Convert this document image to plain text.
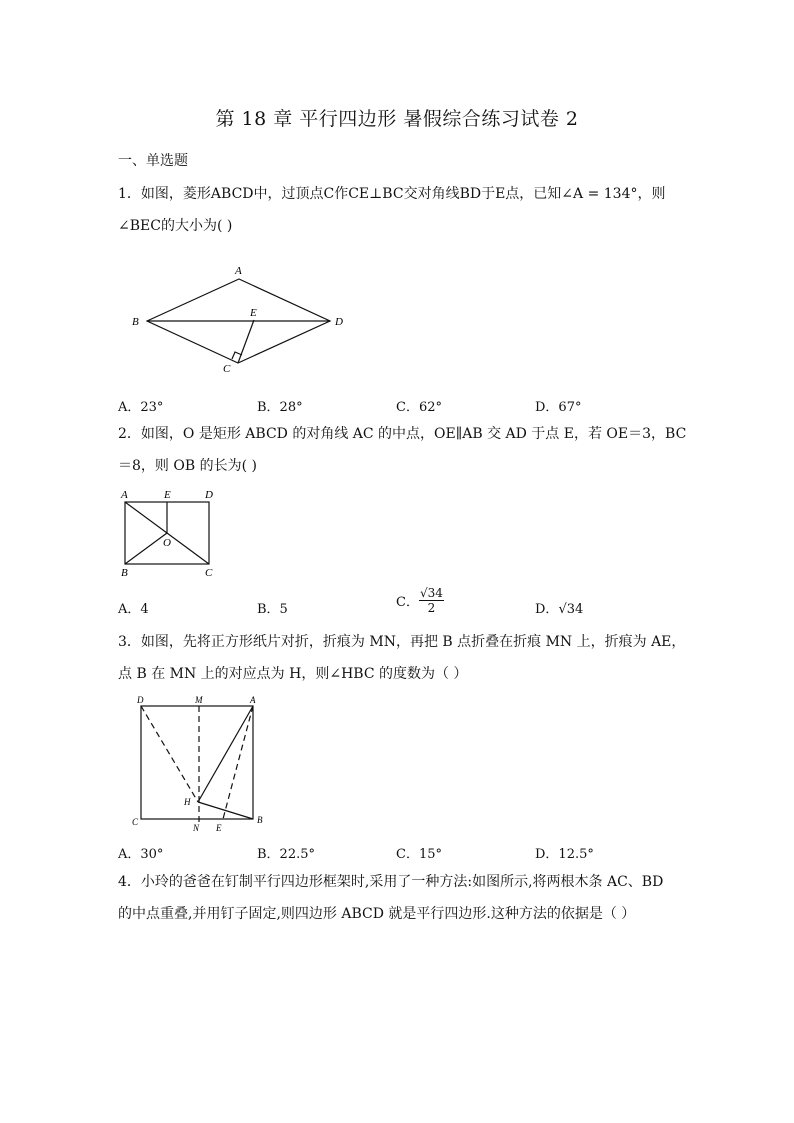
第 18 章 平行四边形 暑假综合练习试卷 2
一、单选题
1．如图，菱形ABCD中，过顶点C作CE⊥BC交对角线BD于E点，已知∠A = 134°，则
∠BEC的大小为( )
A
B	D
E
C
A．23°	B．28°	C．62°	D．67°
2．如图，O 是矩形 ABCD 的对角线 AC 的中点，OE∥AB 交 AD 于点 E，若 OE＝3，BC
＝8，则 OB 的长为( )
A	E	D
O
B	C
A．4	B．5	C． $\frac{√34}{2}$	D．√34
3．如图，先将正方形纸片对折，折痕为 MN，再把 B 点折叠在折痕 MN 上，折痕为 AE，
点 B 在 MN 上的对应点为 H，则∠HBC 的度数为（ ）
D	M	A
H
C
N E
B
A．30°	B．22.5°	C．15°	D．12.5°
4．小玲的爸爸在钉制平行四边形框架时,采用了一种方法:如图所示,将两根木条 AC、BD
的中点重叠,并用钉子固定,则四边形 ABCD 就是平行四边形.这种方法的依据是（ ）
